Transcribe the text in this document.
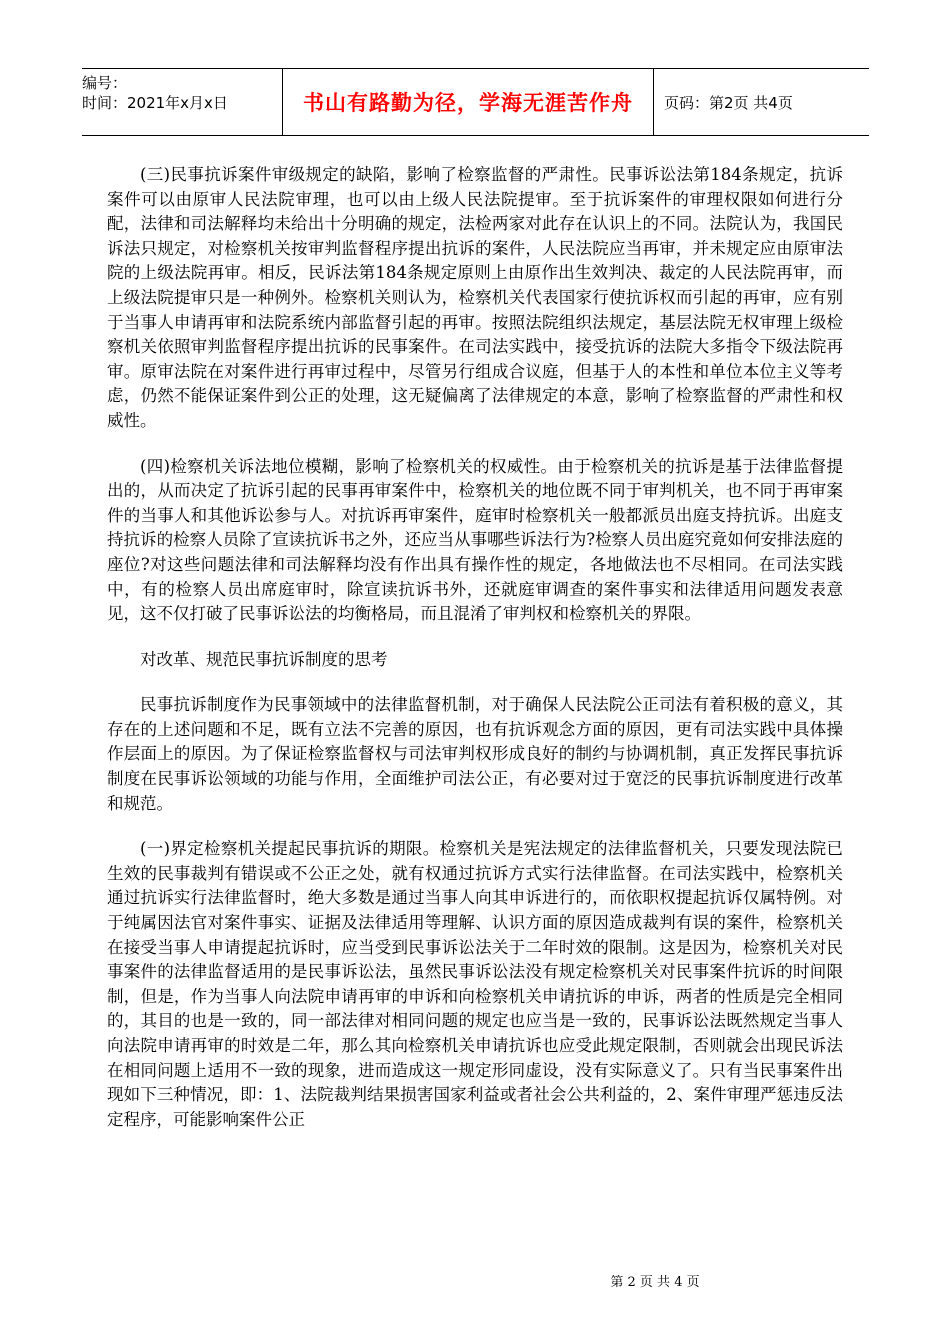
编号：
时间：2021年x月x日	书山有路勤为径，学海无涯苦作舟	页码：第2页 共4页

(三)民事抗诉案件审级规定的缺陷，影响了检察监督的严肃性。民事诉讼法第184条规定，抗诉案件可以由原审人民法院审理，也可以由上级人民法院提审。至于抗诉案件的审理权限如何进行分配，法律和司法解释均未给出十分明确的规定，法检两家对此存在认识上的不同。法院认为，我国民诉法只规定，对检察机关按审判监督程序提出抗诉的案件，人民法院应当再审，并未规定应由原审法院的上级法院再审。相反，民诉法第184条规定原则上由原作出生效判决、裁定的人民法院再审，而上级法院提审只是一种例外。检察机关则认为，检察机关代表国家行使抗诉权而引起的再审，应有别于当事人申请再审和法院系统内部监督引起的再审。按照法院组织法规定，基层法院无权审理上级检察机关依照审判监督程序提出抗诉的民事案件。在司法实践中，接受抗诉的法院大多指令下级法院再审。原审法院在对案件进行再审过程中，尽管另行组成合议庭，但基于人的本性和单位本位主义等考虑，仍然不能保证案件到公正的处理，这无疑偏离了法律规定的本意，影响了检察监督的严肃性和权威性。

(四)检察机关诉法地位模糊，影响了检察机关的权威性。由于检察机关的抗诉是基于法律监督提出的，从而决定了抗诉引起的民事再审案件中，检察机关的地位既不同于审判机关，也不同于再审案件的当事人和其他诉讼参与人。对抗诉再审案件，庭审时检察机关一般都派员出庭支持抗诉。出庭支持抗诉的检察人员除了宣读抗诉书之外，还应当从事哪些诉法行为?检察人员出庭究竟如何安排法庭的座位?对这些问题法律和司法解释均没有作出具有操作性的规定，各地做法也不尽相同。在司法实践中，有的检察人员出席庭审时，除宣读抗诉书外，还就庭审调查的案件事实和法律适用问题发表意见，这不仅打破了民事诉讼法的均衡格局，而且混淆了审判权和检察机关的界限。

对改革、规范民事抗诉制度的思考

民事抗诉制度作为民事领域中的法律监督机制，对于确保人民法院公正司法有着积极的意义，其存在的上述问题和不足，既有立法不完善的原因，也有抗诉观念方面的原因，更有司法实践中具体操作层面上的原因。为了保证检察监督权与司法审判权形成良好的制约与协调机制，真正发挥民事抗诉制度在民事诉讼领域的功能与作用，全面维护司法公正，有必要对过于宽泛的民事抗诉制度进行改革和规范。

(一)界定检察机关提起民事抗诉的期限。检察机关是宪法规定的法律监督机关，只要发现法院已生效的民事裁判有错误或不公正之处，就有权通过抗诉方式实行法律监督。在司法实践中，检察机关通过抗诉实行法律监督时，绝大多数是通过当事人向其申诉进行的，而依职权提起抗诉仅属特例。对于纯属因法官对案件事实、证据及法律适用等理解、认识方面的原因造成裁判有误的案件，检察机关在接受当事人申请提起抗诉时，应当受到民事诉讼法关于二年时效的限制。这是因为，检察机关对民事案件的法律监督适用的是民事诉讼法，虽然民事诉讼法没有规定检察机关对民事案件抗诉的时间限制，但是，作为当事人向法院申请再审的申诉和向检察机关申请抗诉的申诉，两者的性质是完全相同的，其目的也是一致的，同一部法律对相同问题的规定也应当是一致的，民事诉讼法既然规定当事人向法院申请再审的时效是二年，那么其向检察机关申请抗诉也应受此规定限制，否则就会出现民诉法在相同问题上适用不一致的现象，进而造成这一规定形同虚设，没有实际意义了。只有当民事案件出现如下三种情况，即：1、法院裁判结果损害国家利益或者社会公共利益的，2、案件审理严惩违反法定程序，可能影响案件公正

第 2 页 共 4 页
